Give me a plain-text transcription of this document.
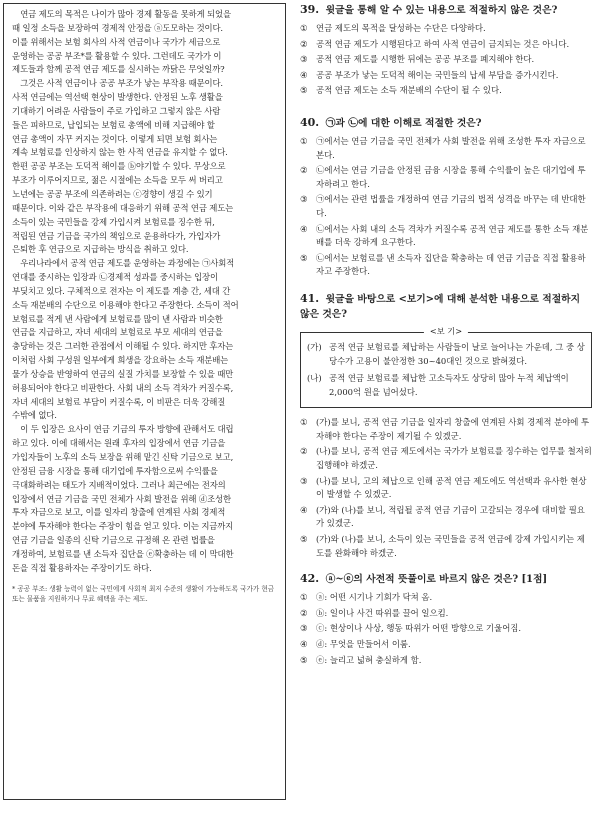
　연금 제도의 목적은 나이가 많아 경제 활동을 못하게 되었을
때 일정 소득을 보장하여 경제적 안정을 ⓐ도모하는 것이다.
이를 위해서는 보험 회사의 사적 연금이나 국가가 세금으로
운영하는 공공 부조*를 활용할 수 있다. 그런데도 국가가 이
제도들과 함께 공적 연금 제도를 실시하는 까닭은 무엇일까?
　그것은 사적 연금이나 공공 부조가 낳는 부작용 때문이다.
사적 연금에는 역선택 현상이 발생한다. 안정된 노후 생활을
기대하기 어려운 사람들이 주로 가입하고 그렇지 않은 사람
들은 피하므로, 납입되는 보험료 총액에 비해 지급해야 할
연금 총액이 자꾸 커지는 것이다. 이렇게 되면 보험 회사는
계속 보험료를 인상하지 않는 한 사적 연금을 유지할 수 없다.
한편 공공 부조는 도덕적 해이를 ⓑ야기할 수 있다. 무상으로
부조가 이루어지므로, 젊은 시절에는 소득을 모두 써 버리고
노년에는 공공 부조에 의존하려는 ⓒ경향이 생길 수 있기
때문이다. 이와 같은 부작용에 대응하기 위해 공적 연금 제도는
소득이 있는 국민들을 강제 가입시켜 보험료를 징수한 뒤,
적립된 연금 기금을 국가의 책임으로 운용하다가, 가입자가
은퇴한 후 연금으로 지급하는 방식을 취하고 있다.
　우리나라에서 공적 연금 제도를 운영하는 과정에는 ㉠사회적
연대를 중시하는 입장과 ㉡경제적 성과를 중시하는 입장이
부딪치고 있다. 구체적으로 전자는 이 제도를 계층 간, 세대 간
소득 재분배의 수단으로 이용해야 한다고 주장한다. 소득이 적어
보험료를 적게 낸 사람에게 보험료를 많이 낸 사람과 비슷한
연금을 지급하고, 자녀 세대의 보험료로 부모 세대의 연금을
충당하는 것은 그러한 관점에서 이해될 수 있다. 하지만 후자는
이처럼 사회 구성원 일부에게 희생을 강요하는 소득 재분배는
물가 상승을 반영하여 연금의 실질 가치를 보장할 수 있을 때만
허용되어야 한다고 비판한다. 사회 내의 소득 격차가 커질수록,
자녀 세대의 보험료 부담이 커질수록, 이 비판은 더욱 강해질
수밖에 없다.
　이 두 입장은 요사이 연금 기금의 투자 방향에 관해서도 대립
하고 있다. 이에 대해서는 원래 후자의 입장에서 연금 기금을
가입자들이 노후의 소득 보장을 위해 맡긴 신탁 기금으로 보고,
안정된 금융 시장을 통해 대기업에 투자함으로써 수익률을
극대화하려는 태도가 지배적이었다. 그러나 최근에는 전자의
입장에서 연금 기금을 국민 전체가 사회 발전을 위해 ⓓ조성한
투자 자금으로 보고, 이를 일자리 창출에 연계된 사회 경제적
분야에 투자해야 한다는 주장이 힘을 얻고 있다. 이는 지금까지
연금 기금을 일종의 신탁 기금으로 규정해 온 관련 법률을
개정하여, 보험료를 낸 소득자 집단을 ⓔ확충하는 데 이 막대한
돈을 직접 활용하자는 주장이기도 하다.

* 공공 부조: 생활 능력이 없는 국민에게 사회적 최저 수준의 생활이 가능하도록 국가가 현금 또는 물품을 지원하거나 무료 혜택을 주는 제도.
39. 윗글을 통해 알 수 있는 내용으로 적절하지 않은 것은?
①	연금 제도의 목적을 달성하는 수단은 다양하다.
②	공적 연금 제도가 시행된다고 하여 사적 연금이 금지되는 것은 아니다.
③	공적 연금 제도를 시행한 뒤에는 공공 부조를 폐지해야 한다.
④	공공 부조가 낳는 도덕적 해이는 국민들의 납세 부담을 증가시킨다.
⑤	공적 연금 제도는 소득 재분배의 수단이 될 수 있다.
40. ㉠과 ㉡에 대한 이해로 적절한 것은?
①	㉠에서는 연금 기금을 국민 전체가 사회 발전을 위해 조성한 투자 자금으로 본다.
②	㉡에서는 연금 기금을 안정된 금융 시장을 통해 수익률이 높은 대기업에 투자하려고 한다.
③	㉠에서는 관련 법률을 개정하여 연금 기금의 법적 성격을 바꾸는 데 반대한다.
④	㉡에서는 사회 내의 소득 격차가 커질수록 공적 연금 제도를 통한 소득 재분배를 더욱 강하게 요구한다.
⑤	㉡에서는 보험료를 낸 소득자 집단을 확충하는 데 연금 기금을 직접 활용하자고 주장한다.
41. 윗글을 바탕으로 <보기>에 대해 분석한 내용으로 적절하지
않은 것은?
<보 기>
(가) 공적 연금 보험료를 체납하는 사람들이 날로 늘어나는 가운데, 그 중 상당수가 고용이 불안정한 30~40대인 것으로 밝혀졌다.
(나) 공적 연금 보험료를 체납한 고소득자도 상당히 많아 누적 체납액이 2,000억 원을 넘어섰다.
①	(가)를 보니, 공적 연금 기금을 일자리 창출에 연계된 사회 경제적 분야에 투자해야 한다는 주장이 제기될 수 있겠군.
②	(나)를 보니, 공적 연금 제도에서는 국가가 보험료를 징수하는 업무를 철저히 집행해야 하겠군.
③	(나)를 보니, 고의 체납으로 인해 공적 연금 제도에도 역선택과 유사한 현상이 발생할 수 있겠군.
④	(가)와 (나)를 보니, 적립될 공적 연금 기금이 고갈되는 경우에 대비할 필요가 있겠군.
⑤	(가)와 (나)를 보니, 소득이 있는 국민들을 공적 연금에 강제 가입시키는 제도를 완화해야 하겠군.
42. ⓐ~ⓔ의 사전적 뜻풀이로 바르지 않은 것은? [1점]
①	ⓐ: 어떤 시기나 기회가 닥쳐 옴.
②	ⓑ: 일이나 사건 따위를 끌어 일으킴.
③	ⓒ: 현상이나 사상, 행동 따위가 어떤 방향으로 기울어짐.
④	ⓓ: 무엇을 만들어서 이룸.
⑤	ⓔ: 늘리고 넓혀 충실하게 함.
